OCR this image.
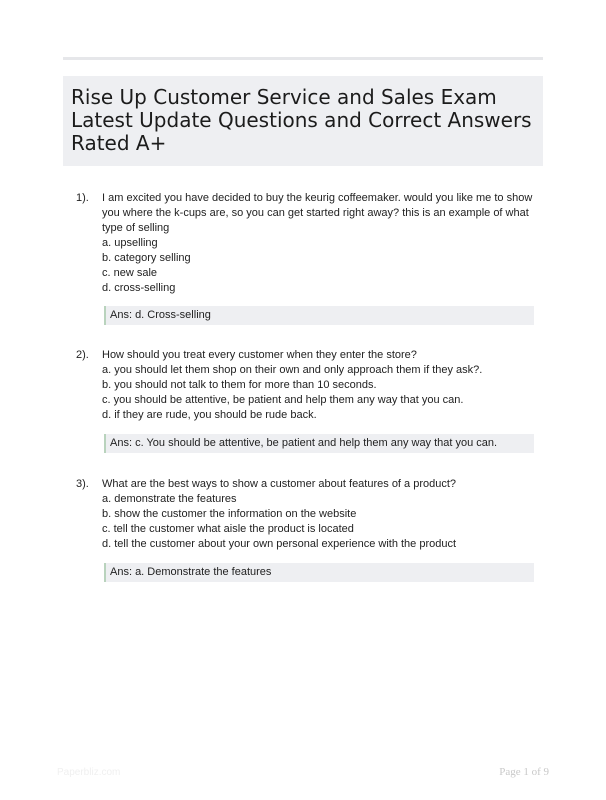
Rise Up Customer Service and Sales Exam Latest Update Questions and Correct Answers Rated A+
1). I am excited you have decided to buy the keurig coffeemaker. would you like me to show you where the k-cups are, so you can get started right away? this is an example of what type of selling
a. upselling
b. category selling
c. new sale
d. cross-selling
Ans: d. Cross-selling
2). How should you treat every customer when they enter the store?
a. you should let them shop on their own and only approach them if they ask?.
b. you should not talk to them for more than 10 seconds.
c. you should be attentive, be patient and help them any way that you can.
d. if they are rude, you should be rude back.
Ans: c. You should be attentive, be patient and help them any way that you can.
3). What are the best ways to show a customer about features of a product?
a. demonstrate the features
b. show the customer the information on the website
c. tell the customer what aisle the product is located
d. tell the customer about your own personal experience with the product
Ans: a. Demonstrate the features
Paperbliz.com	Page 1 of 9
